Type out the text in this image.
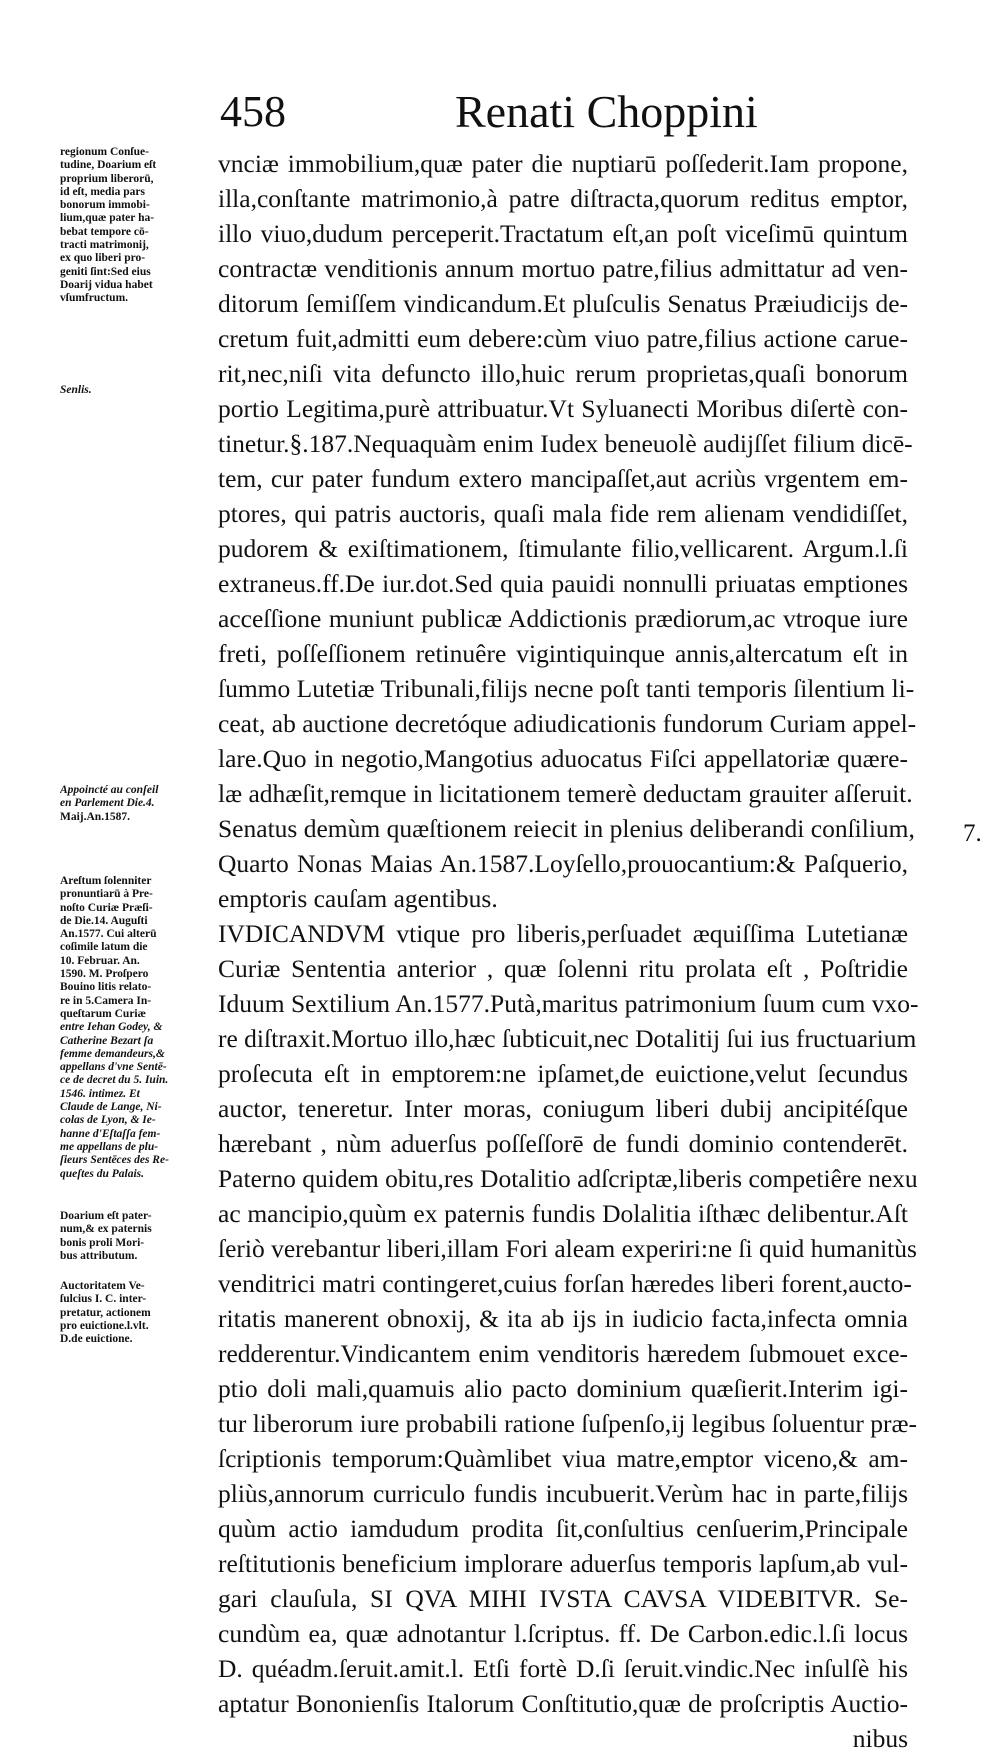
458	Renati Choppini
vnciæ immobilium,quæ pater die nuptiarū poſſederit.Iam propone,
illa,conſtante matrimonio,à patre diſtracta,quorum reditus emptor,
illo viuo,dudum perceperit.Tractatum eſt,an poſt viceſimū quintum
contractæ venditionis annum mortuo patre,filius admittatur ad ven-
ditorum ſemiſſem vindicandum.Et pluſculis Senatus Præiudicijs de-
cretum fuit,admitti eum debere:cùm viuo patre,filius actione carue-
rit,nec,niſi vita defuncto illo,huic rerum proprietas,quaſi bonorum
portio Legitima,purè attribuatur.Vt Syluanecti Moribus diſertè con-
tinetur.§.187.Nequaquàm enim Iudex beneuolè audijſſet filium dicē-
tem, cur pater fundum extero mancipaſſet,aut acriùs vrgentem em-
ptores, qui patris auctoris, quaſi mala fide rem alienam vendidiſſet,
pudorem & exiſtimationem, ſtimulante filio,vellicarent. Argum.l.ſi
extraneus.ff.De iur.dot.Sed quia pauidi nonnulli priuatas emptiones
acceſſione muniunt publicæ Addictionis prædiorum,ac vtroque iure
freti, poſſeſſionem retinuêre vigintiquinque annis,altercatum eſt in
ſummo Lutetiæ Tribunali,filijs necne poſt tanti temporis ſilentium li-
ceat, ab auctione decretóque adiudicationis fundorum Curiam appel-
lare.Quo in negotio,Mangotius aduocatus Fiſci appellatoriæ quære-
læ adhæſit,remque in licitationem temerè deductam grauiter aſſeruit.
Senatus demùm quæſtionem reiecit in plenius deliberandi conſilium,
Quarto Nonas Maias An.1587.Loyſello,prouocantium:& Paſquerio,
emptoris cauſam agentibus.
IVDICANDVM vtique pro liberis,perſuadet æquiſſima Lutetianæ
Curiæ Sententia anterior , quæ ſolenni ritu prolata eſt , Poſtridie
Iduum Sextilium An.1577.Putà,maritus patrimonium ſuum cum vxo-
re diſtraxit.Mortuo illo,hæc ſubticuit,nec Dotalitij ſui ius fructuarium
proſecuta eſt in emptorem:ne ipſamet,de euictione,velut ſecundus
auctor, teneretur. Inter moras, coniugum liberi dubij ancipitéſque
hærebant , nùm aduerſus poſſeſſorē de fundi dominio contenderēt.
Paterno quidem obitu,res Dotalitio adſcriptæ,liberis competiêre nexu
ac mancipio,quùm ex paternis fundis Dolalitia iſthæc delibentur.Aſt
ſeriò verebantur liberi,illam Fori aleam experiri:ne ſi quid humanitùs
venditrici matri contingeret,cuius forſan hæredes liberi forent,aucto-
ritatis manerent obnoxij, & ita ab ijs in iudicio facta,infecta omnia
redderentur.Vindicantem enim venditoris hæredem ſubmouet exce-
ptio doli mali,quamuis alio pacto dominium quæſierit.Interim igi-
tur liberorum iure probabili ratione ſuſpenſo,ij legibus ſoluentur præ-
ſcriptionis temporum:Quàmlibet viua matre,emptor viceno,& am-
pliùs,annorum curriculo fundis incubuerit.Verùm hac in parte,filijs
quùm actio iamdudum prodita ſit,conſultius cenſuerim,Principale
reſtitutionis beneficium implorare aduerſus temporis lapſum,ab vul-
gari clauſula, SI QVA MIHI IVSTA CAVSA VIDEBITVR. Se-
cundùm ea, quæ adnotantur l.ſcriptus. ff. De Carbon.edic.l.ſi locus
D. quéadm.ſeruit.amit.l. Etſi fortè D.ſi ſeruit.vindic.Nec inſulſè his
aptatur Bononienſis Italorum Conſtitutio,quæ de proſcriptis Auctio-
nibus
7.
regionum Conſue-
tudine, Doarium eſt
proprium liberorū,
id eſt, media pars
bonorum immobi-
lium,quæ pater ha-
bebat tempore cō-
tracti matrimonij,
ex quo liberi pro-
geniti ſint:Sed eius
Doarij vidua habet
vſumfructum.
Senlis.
Appoincté au conſeil
en Parlement Die.4.
Maij.An.1587.
Areſtum ſolenniter
pronuntiarū à Pre-
noſto Curiæ Præſi-
de Die.14. Auguſti
An.1577. Cui alterū
coſimile latum die
10. Februar. An.
1590. M. Proſpero
Bouino litis relato-
re in 5.Camera In-
queſtarum Curiæ
entre Iehan Godey, &
Catherine Bezart ſa
femme demandeurs,&
appellans d'vne Sentē-
ce de decret du 5. Iuin.
1546. intimez. Et
Claude de Lange, Ni-
colas de Lyon, & Ie-
hanne d'Eſtaſſa fem-
me appellans de plu-
ſieurs Sentēces des Re-
queſtes du Palais.
Doarium eſt pater-
num,& ex paternis
bonis proli Mori-
bus attributum.
Auctoritatem Ve-
ſulcius I. C. inter-
pretatur, actionem
pro euictione.l.vlt.
D.de euictione.
